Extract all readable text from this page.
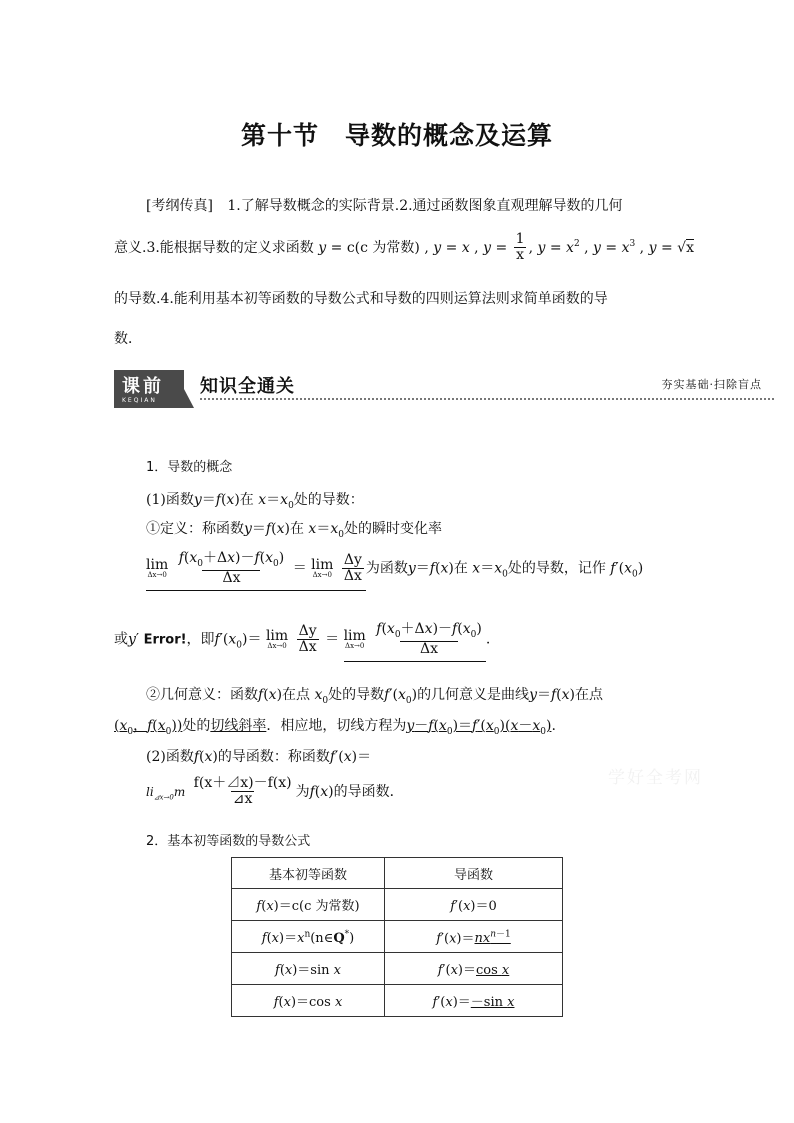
第十节 导数的概念及运算
[考纲传真] 1.了解导数概念的实际背景.2.通过函数图象直观理解导数的几何
意义.3.能根据导数的定义求函数 y = c(c 为常数) , y = x , $y = \frac{1}{x}$ , $y = x^2$ , $y = x^3$ , y = √x
的导数.4.能利用基本初等函数的导数公式和导数的四则运算法则求简单函数的导
数．
课前
KEQIAN
知识全通关	夯实基础·扫除盲点
1．导数的概念
(1)函数y＝f(x)在 $x=x_0$处的导数：
①定义：称函数y＝f(x)在 $x=x_0$处的瞬时变化率
lim
Δx→0
$\frac{f(x_0+\Delta x)-f(x_0)}{\Delta x} = \lim$
Δx→0
$\frac{\Delta y}{\Delta x}$ 为函数y＝f(x)在 $x=x_0$处的导数，记作 $f'(x_0)$
或y′ Error!，即$f'(x_0)= \lim$
Δx→0
$\frac{\Delta y}{\Delta x} = \lim$
Δx→0
$\frac{f(x_0+\Delta x)-f(x_0)}{\Delta x}$ .
②几何意义：函数f(x)在点 $x_0$处的导数$f'(x_0)$的几何意义是曲线y＝f(x)在点
($x_0$，$f(x_0)$)处的切线斜率．相应地，切线方程为$y-f(x_0)=f'(x_0)(x-x_0)$.
(2)函数f(x)的导函数：称函数f′(x)＝
$li_{⊿x\to 0}m \frac{f(x+⊿x)-f(x)}{⊿x}$ 为f(x)的导函数．
学好全考网
2．基本初等函数的导数公式
基本初等函数	导函数
f(x)＝c(c 为常数)	f′(x)＝0
$f(x)=x^n(n\in Q^*)$	$f'(x)=nx^{n-1}$
f(x)＝sin x	f′(x)＝cos x
f(x)＝cos x	f′(x)＝－sin x
